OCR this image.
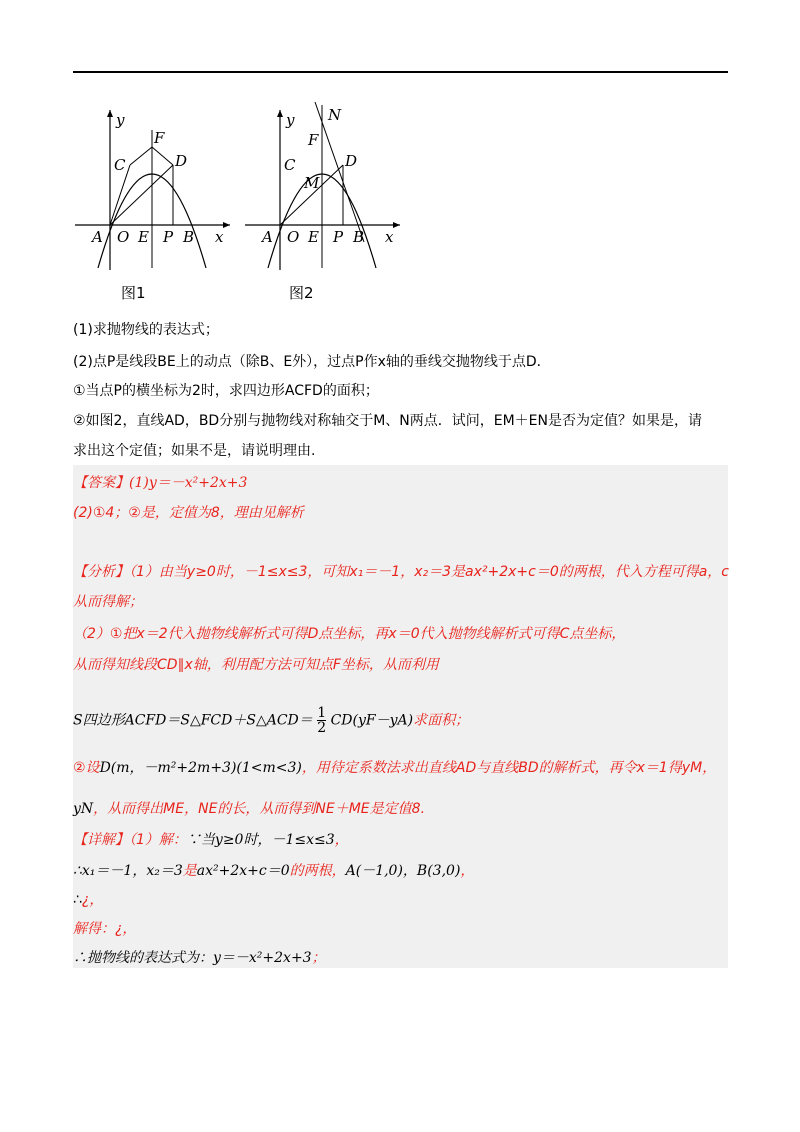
y
x
A O E P B
C
F
D
图1
y
x
A O E P B
C
F
D
M
N
图2
(1)求抛物线的表达式；
(2)点P是线段BE上的动点（除B、E外），过点P作x轴的垂线交抛物线于点D．
①当点P的横坐标为2时，求四边形ACFD的面积；
②如图2，直线AD，BD分别与抛物线对称轴交于M、N两点．试问，EM＋EN是否为定值？如果是，请
求出这个定值；如果不是，请说明理由.
【答案】(1)y＝－x²+2x+3
(2)①4；②是，定值为8，理由见解析
【分析】（1）由当y≥0时，－1≤x≤3，可知x₁＝－1，x₂＝3是ax²+2x+c＝0的两根，代入方程可得a，c
从而得解；
（2）①把x＝2代入抛物线解析式可得D点坐标，再x＝0代入抛物线解析式可得C点坐标，
从而得知线段CD∥x轴，利用配方法可知点F坐标，从而利用
S四边形ACFD＝S△FCD＋S△ACD＝ $\frac{1}{2} CD(yF-yA)$求面积；
②设D(m，－m²+2m+3)(1<m<3)，用待定系数法求出直线AD与直线BD的解析式，再令x＝1得yM，
yN，从而得出ME，NE的长，从而得到NE＋ME是定值8.
【详解】（1）解：∵当y≥0时，－1≤x≤3，
∴x₁＝－1，x₂＝3是ax²+2x+c＝0的两根，A(－1,0)，B(3,0)，
∴¿，
解得：¿，
∴抛物线的表达式为：y＝－x²+2x+3；
